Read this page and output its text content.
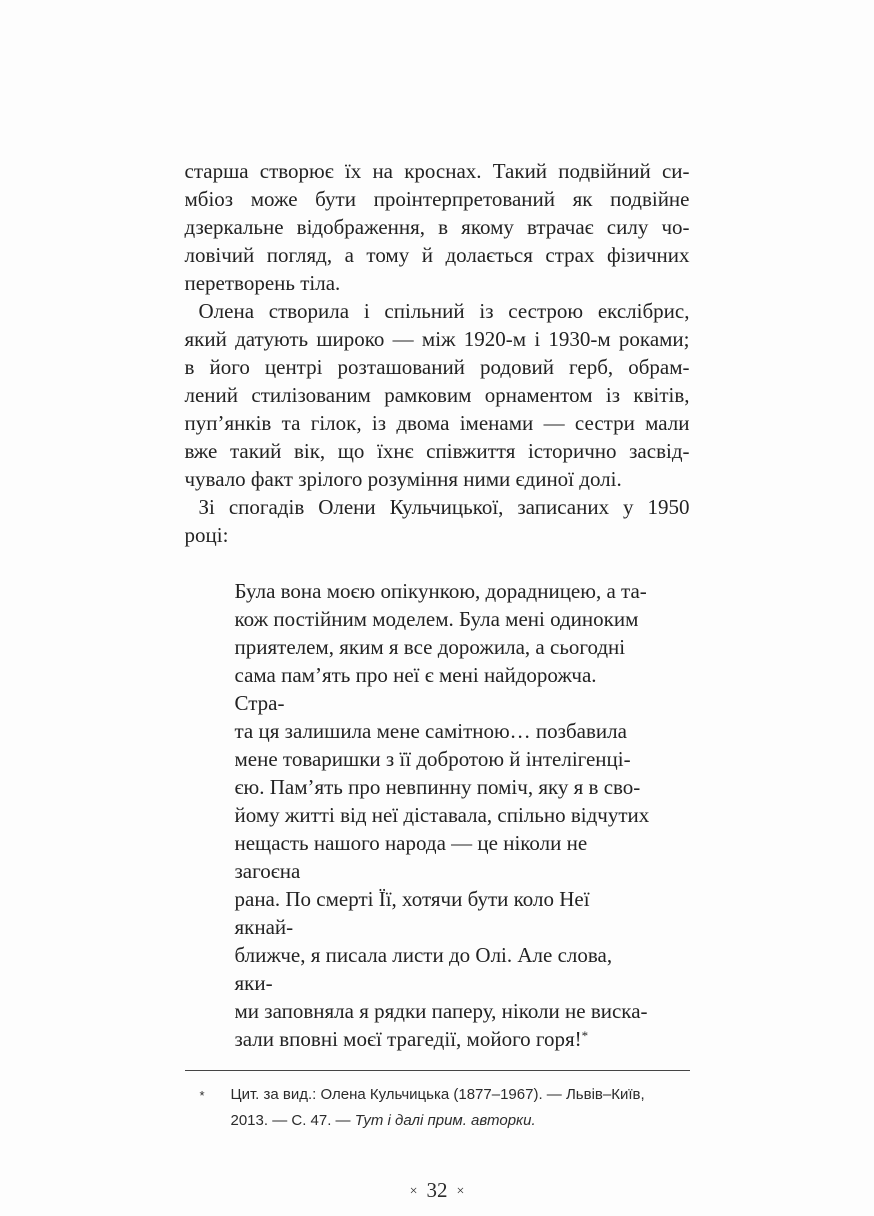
старша створює їх на кроснах. Такий подвійний си-
мбіоз може бути проінтерпретований як подвійне
дзеркальне відображення, в якому втрачає силу чо-
ловічий погляд, а тому й долається страх фізичних
перетворень тіла.
Олена створила і спільний із сестрою екслібрис,
який датують широко — між 1920-м і 1930-м роками;
в його центрі розташований родовий герб, обрам-
лений стилізованим рамковим орнаментом із квітів,
пуп’янків та гілок, із двома іменами — сестри мали
вже такий вік, що їхнє співжиття історично засвід-
чувало факт зрілого розуміння ними єдиної долі.
Зі спогадів Олени Кульчицької, записаних у 1950
році:
Була вона моєю опікункою, дорадницею, а та-
кож постійним моделем. Була мені одиноким
приятелем, яким я все дорожила, а сьогодні
сама пам’ять про неї є мені найдорожча. Стра-
та ця залишила мене самітною… позбавила
мене товаришки з її добротою й інтелігенці-
єю. Пам’ять про невпинну поміч, яку я в сво-
йому житті від неї діставала, спільно відчутих
нещасть нашого народа — це ніколи не загоєна
рана. По смерті Її, хотячи бути коло Неї якнай-
ближче, я писала листи до Олі. Але слова, яки-
ми заповняла я рядки паперу, ніколи не виска-
зали вповні моєї трагедії, мойого горя!*
*	Цит. за вид.: Олена Кульчицька (1877–1967). — Львів–Київ,
2013. — С. 47. — Тут і далі прим. авторки.
× 32 ×
